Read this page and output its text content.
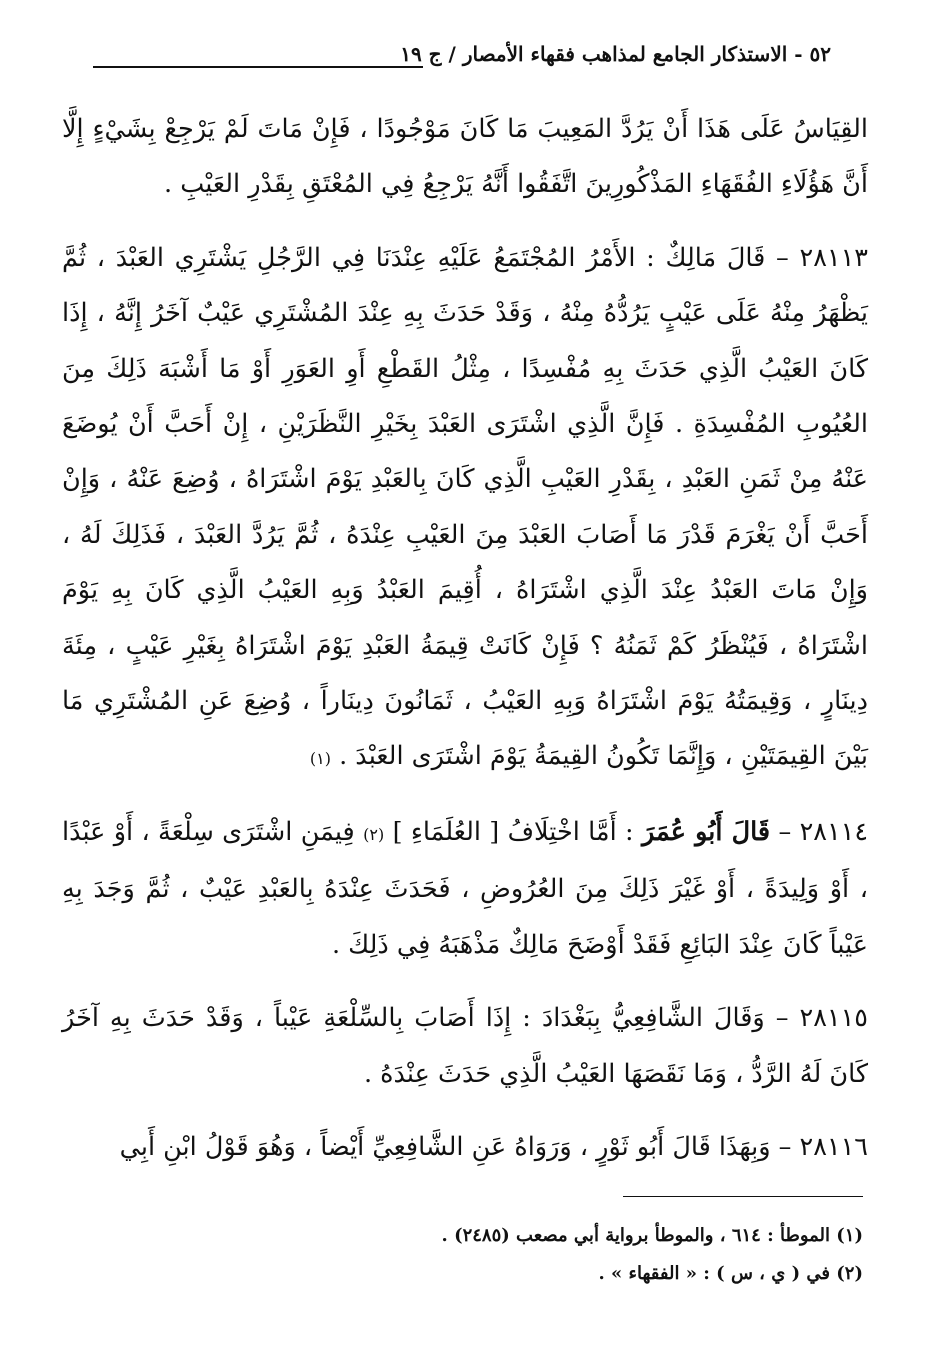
٥٢ - الاستذكار الجامع لمذاهب فقهاء الأمصار / ج ١٩

القِيَاسُ عَلَى هَذَا أَنْ يَرُدَّ المَعِيبَ مَا كَانَ مَوْجُودًا ، فَإِنْ مَاتَ لَمْ يَرْجِعْ بِشَيْءٍ إِلَّا أَنَّ هَؤُلَاءِ الفُقَهَاءِ المَذْكُورِينَ اتَّفَقُوا أَنَّهُ يَرْجِعُ فِي المُعْتَقِ بِقَدْرِ العَيْبِ .

٢٨١١٣ – قَالَ مَالِكٌ : الأَمْرُ المُجْتَمَعُ عَلَيْهِ عِنْدَنَا فِي الرَّجُلِ يَشْتَرِي العَبْدَ ، ثُمَّ يَظْهَرُ مِنْهُ عَلَى عَيْبٍ يَرُدُّهُ مِنْهُ ، وَقَدْ حَدَثَ بِهِ عِنْدَ المُشْتَرِي عَيْبٌ آخَرُ إِنَّهُ ، إِذَا كَانَ العَيْبُ الَّذِي حَدَثَ بِهِ مُفْسِدًا ، مِثْلُ القَطْعِ أَوِ العَوَرِ أَوْ مَا أَشْبَهَ ذَلِكَ مِنَ العُيُوبِ المُفْسِدَةِ . فَإِنَّ الَّذِي اشْتَرَى العَبْدَ بِخَيْرِ النَّظَرَيْنِ ، إِنْ أَحَبَّ أَنْ يُوضَعَ عَنْهُ مِنْ ثَمَنِ العَبْدِ ، بِقَدْرِ العَيْبِ الَّذِي كَانَ بِالعَبْدِ يَوْمَ اشْتَرَاهُ ، وُضِعَ عَنْهُ ، وَإِنْ أَحَبَّ أَنْ يَغْرَمَ قَدْرَ مَا أَصَابَ العَبْدَ مِنَ العَيْبِ عِنْدَهُ ، ثُمَّ يَرُدَّ العَبْدَ ، فَذَلِكَ لَهُ ، وَإِنْ مَاتَ العَبْدُ عِنْدَ الَّذِي اشْتَرَاهُ ، أُقِيمَ العَبْدُ وَبِهِ العَيْبُ الَّذِي كَانَ بِهِ يَوْمَ اشْتَرَاهُ ، فَيُنْظَرُ كَمْ ثَمَنُهُ ؟ فَإِنْ كَانَتْ قِيمَةُ العَبْدِ يَوْمَ اشْتَرَاهُ بِغَيْرِ عَيْبٍ ، مِئَةَ دِينَارٍ ، وَقِيمَتُهُ يَوْمَ اشْتَرَاهُ وَبِهِ العَيْبُ ، ثَمَانُونَ دِينَاراً ، وُضِعَ عَنِ المُشْتَرِي مَا بَيْنَ القِيمَتَيْنِ ، وَإِنَّمَا تَكُونُ القِيمَةُ يَوْمَ اشْتَرَى العَبْدَ . (١)

٢٨١١٤ – قَالَ أَبُو عُمَرَ : أَمَّا اخْتِلَافُ [ العُلَمَاءِ ] (٢) فِيمَنِ اشْتَرَى سِلْعَةً ، أَوْ عَبْدًا ، أَوْ وَلِيدَةً ، أَوْ غَيْرَ ذَلِكَ مِنَ العُرُوضِ ، فَحَدَثَ عِنْدَهُ بِالعَبْدِ عَيْبٌ ، ثُمَّ وَجَدَ بِهِ عَيْباً كَانَ عِنْدَ البَائِعِ فَقَدْ أَوْضَحَ مَالِكٌ مَذْهَبَهُ فِي ذَلِكَ .

٢٨١١٥ – وَقَالَ الشَّافِعِيُّ بِبَغْدَادَ : إِذَا أَصَابَ بِالسِّلْعَةِ عَيْباً ، وَقَدْ حَدَثَ بِهِ آخَرُ كَانَ لَهُ الرَّدُّ ، وَمَا نَقَصَهَا العَيْبُ الَّذِي حَدَثَ عِنْدَهُ .

٢٨١١٦ – وَبِهَذَا قَالَ أَبُو ثَوْرٍ ، وَرَوَاهُ عَنِ الشَّافِعِيِّ أَيْضاً ، وَهُوَ قَوْلُ ابْنِ أَبِي

(١) الموطأ : ٦١٤ ، والموطأ برواية أبي مصعب (٢٤٨٥) .
(٢) في ( ي ، س ) : « الفقهاء » .
